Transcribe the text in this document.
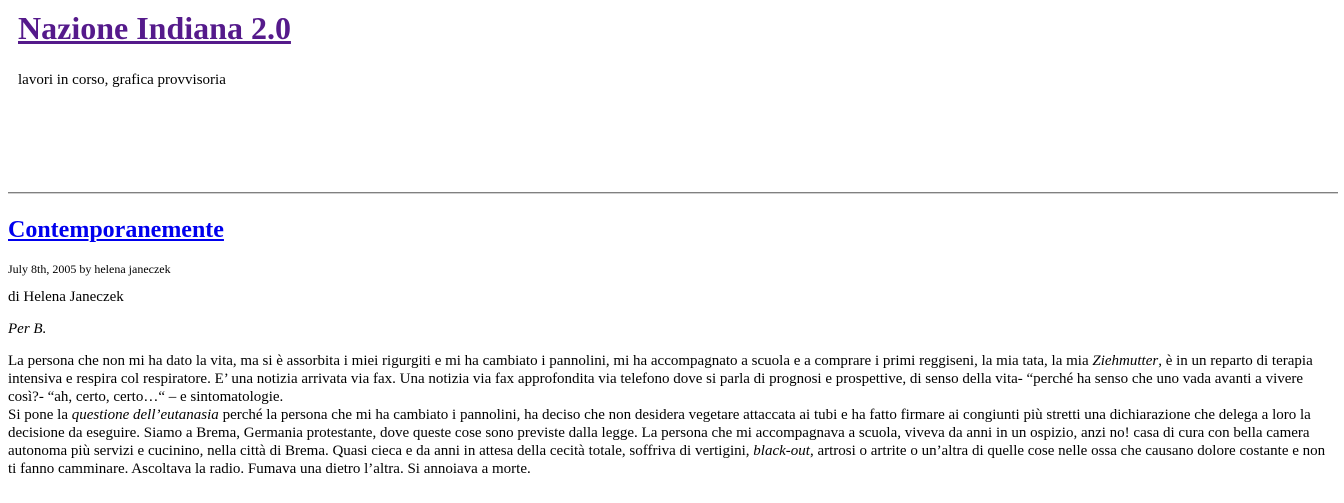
Nazione Indiana 2.0

lavori in corso, grafica provvisoria

Contemporanemente

July 8th, 2005 by helena janeczek

di Helena Janeczek

Per B.

La persona che non mi ha dato la vita, ma si è assorbita i miei rigurgiti e mi ha cambiato i pannolini, mi ha accompagnato a scuola e a comprare i primi reggiseni, la mia tata, la mia Ziehmutter, è in un reparto di terapia intensiva e respira col respiratore. E’ una notizia arrivata via fax. Una notizia via fax approfondita via telefono dove si parla di prognosi e prospettive, di senso della vita- “perché ha senso che uno vada avanti a vivere così?- “ah, certo, certo…“ – e sintomatologie.

Si pone la questione dell’eutanasia perché la persona che mi ha cambiato i pannolini, ha deciso che non desidera vegetare attaccata ai tubi e ha fatto firmare ai congiunti più stretti una dichiarazione che delega a loro la decisione da eseguire. Siamo a Brema, Germania protestante, dove queste cose sono previste dalla legge. La persona che mi accompagnava a scuola, viveva da anni in un ospizio, anzi no! casa di cura con bella camera autonoma più servizi e cucinino, nella città di Brema. Quasi cieca e da anni in attesa della cecità totale, soffriva di vertigini, black-out, artrosi o artrite o un’altra di quelle cose nelle ossa che causano dolore costante e non ti fanno camminare. Ascoltava la radio. Fumava una dietro l’altra. Si annoiava a morte.
